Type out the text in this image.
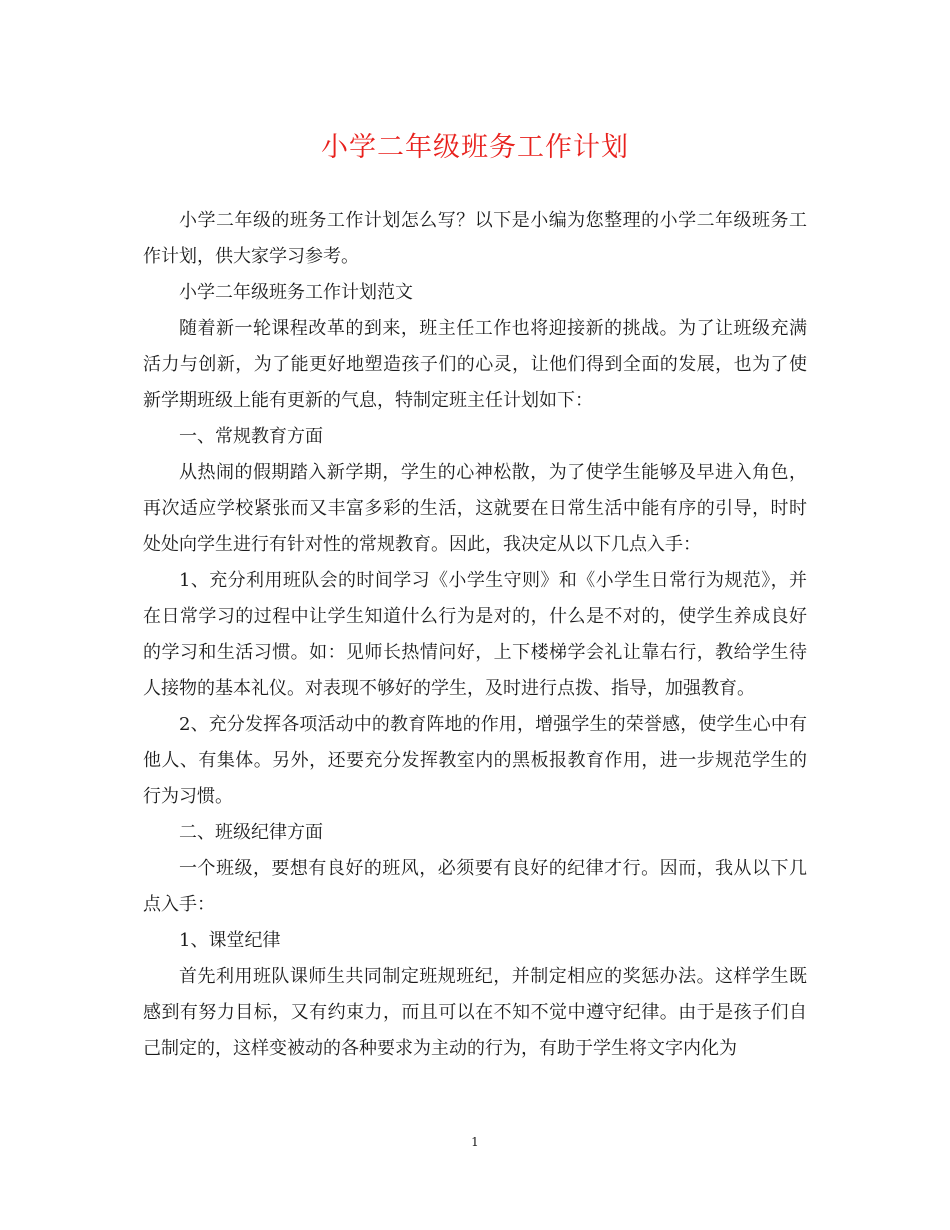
小学二年级班务工作计划

小学二年级的班务工作计划怎么写？以下是小编为您整理的小学二年级班务工作计划，供大家学习参考。

小学二年级班务工作计划范文

随着新一轮课程改革的到来，班主任工作也将迎接新的挑战。为了让班级充满活力与创新，为了能更好地塑造孩子们的心灵，让他们得到全面的发展，也为了使新学期班级上能有更新的气息，特制定班主任计划如下：

一、常规教育方面

从热闹的假期踏入新学期，学生的心神松散，为了使学生能够及早进入角色，再次适应学校紧张而又丰富多彩的生活，这就要在日常生活中能有序的引导，时时处处向学生进行有针对性的常规教育。因此，我决定从以下几点入手：

1、充分利用班队会的时间学习《小学生守则》和《小学生日常行为规范》，并在日常学习的过程中让学生知道什么行为是对的，什么是不对的，使学生养成良好的学习和生活习惯。如：见师长热情问好，上下楼梯学会礼让靠右行，教给学生待人接物的基本礼仪。对表现不够好的学生，及时进行点拨、指导，加强教育。

2、充分发挥各项活动中的教育阵地的作用，增强学生的荣誉感，使学生心中有他人、有集体。另外，还要充分发挥教室内的黑板报教育作用，进一步规范学生的行为习惯。

二、班级纪律方面

一个班级，要想有良好的班风，必须要有良好的纪律才行。因而，我从以下几点入手：

1、课堂纪律

首先利用班队课师生共同制定班规班纪，并制定相应的奖惩办法。这样学生既感到有努力目标，又有约束力，而且可以在不知不觉中遵守纪律。由于是孩子们自己制定的，这样变被动的各种要求为主动的行为，有助于学生将文字内化为

1
